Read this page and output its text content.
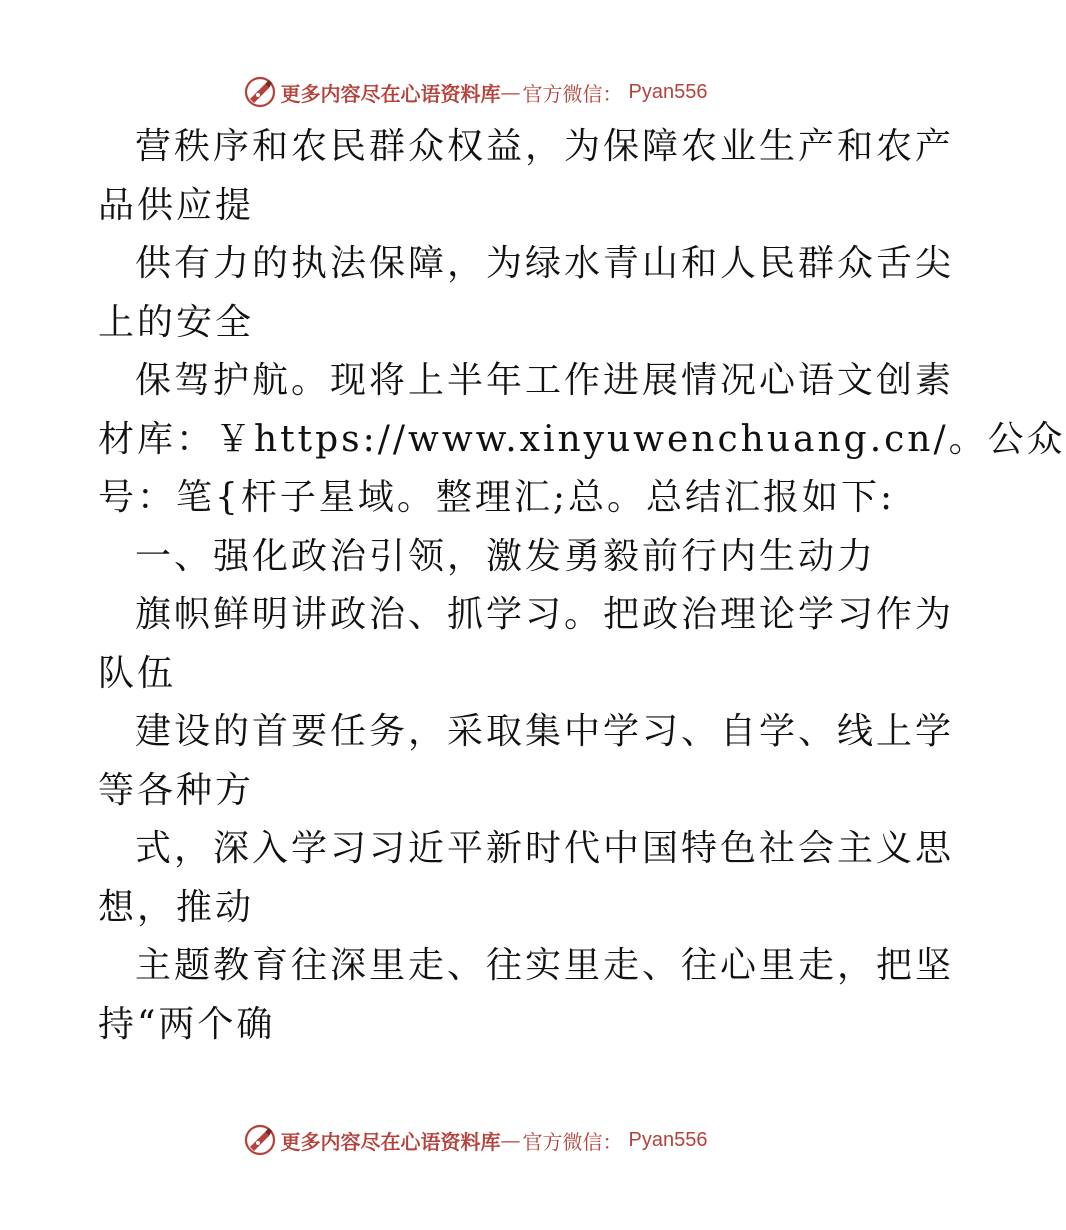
更多内容尽在心语资料库 — 官方微信： Pyan556
营秩序和农民群众权益，为保障农业生产和农产
品供应提
供有力的执法保障，为绿水青山和人民群众舌尖
上的安全
保驾护航。现将上半年工作进展情况心语文创素
材库：￥https://www.xinyuwenchuang.cn/。公众
号：笔{杆子星域。整理汇;总。总结汇报如下:
一、强化政治引领，激发勇毅前行内生动力
旗帜鲜明讲政治、抓学习。把政治理论学习作为
队伍
建设的首要任务，采取集中学习、自学、线上学
等各种方
式，深入学习习近平新时代中国特色社会主义思
想，推动
主题教育往深里走、往实里走、往心里走，把坚
持“两个确
更多内容尽在心语资料库 — 官方微信： Pyan556
